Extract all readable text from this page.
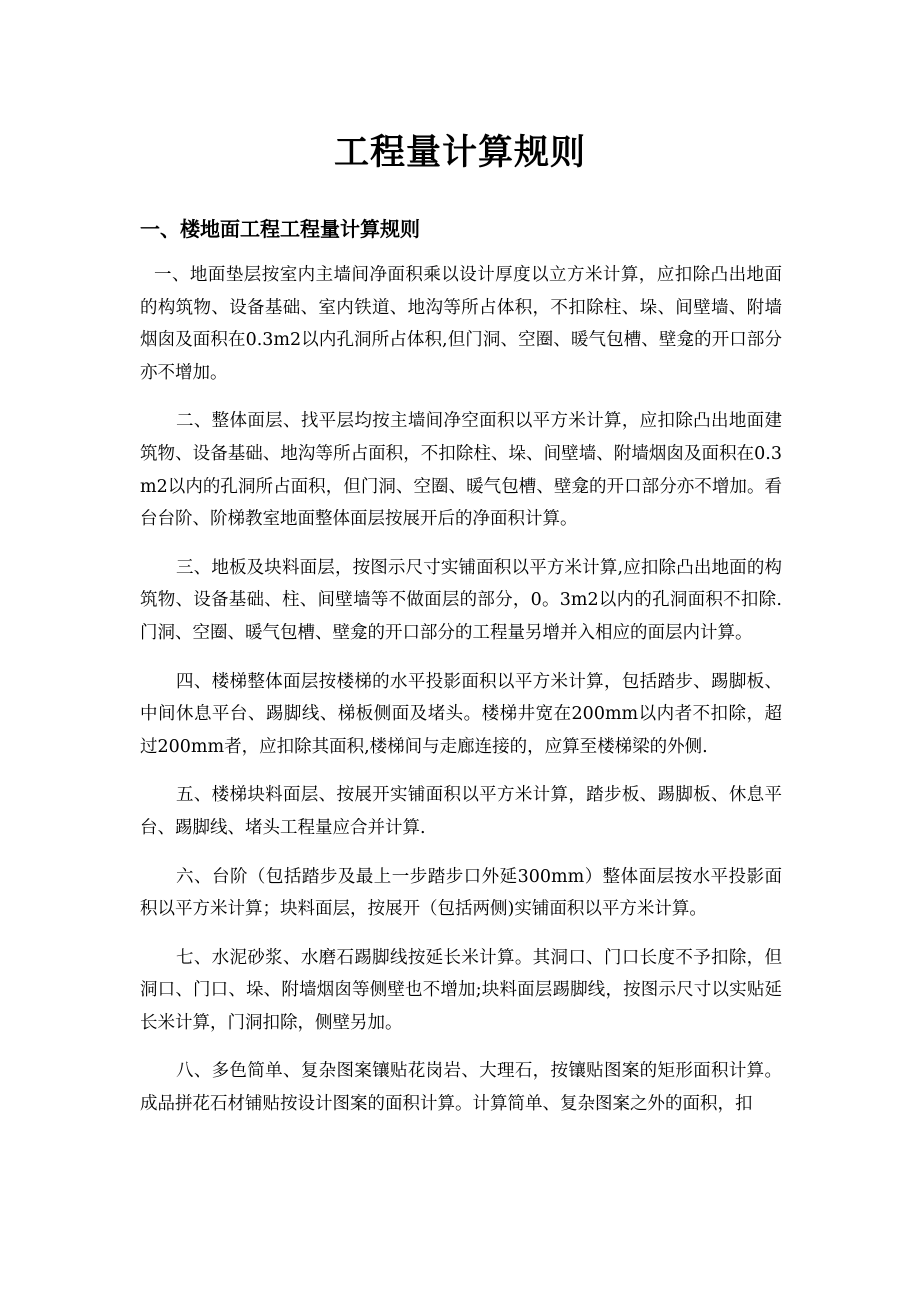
工程量计算规则
一、楼地面工程工程量计算规则

一、地面垫层按室内主墙间净面积乘以设计厚度以立方米计算，应扣除凸出地面的构筑物、设备基础、室内铁道、地沟等所占体积，不扣除柱、垛、间壁墙、附墙烟囱及面积在0.3m2以内孔洞所占体积,但门洞、空圈、暖气包槽、壁龛的开口部分亦不增加。

二、整体面层、找平层均按主墙间净空面积以平方米计算，应扣除凸出地面建筑物、设备基础、地沟等所占面积，不扣除柱、垛、间壁墙、附墙烟囱及面积在0.3m2以内的孔洞所占面积，但门洞、空圈、暖气包槽、壁龛的开口部分亦不增加。看台台阶、阶梯教室地面整体面层按展开后的净面积计算。

三、地板及块料面层，按图示尺寸实铺面积以平方米计算,应扣除凸出地面的构筑物、设备基础、柱、间壁墙等不做面层的部分，0。3m2以内的孔洞面积不扣除.门洞、空圈、暖气包槽、壁龛的开口部分的工程量另增并入相应的面层内计算。

四、楼梯整体面层按楼梯的水平投影面积以平方米计算，包括踏步、踢脚板、中间休息平台、踢脚线、梯板侧面及堵头。楼梯井宽在200mm以内者不扣除，超过200mm者，应扣除其面积,楼梯间与走廊连接的，应算至楼梯梁的外侧.

五、楼梯块料面层、按展开实铺面积以平方米计算，踏步板、踢脚板、休息平台、踢脚线、堵头工程量应合并计算.

六、台阶（包括踏步及最上一步踏步口外延300mm）整体面层按水平投影面积以平方米计算；块料面层，按展开（包括两侧)实铺面积以平方米计算。

七、水泥砂浆、水磨石踢脚线按延长米计算。其洞口、门口长度不予扣除，但洞口、门口、垛、附墙烟囱等侧壁也不增加;块料面层踢脚线，按图示尺寸以实贴延长米计算，门洞扣除，侧壁另加。

八、多色简单、复杂图案镶贴花岗岩、大理石，按镶贴图案的矩形面积计算。成品拼花石材铺贴按设计图案的面积计算。计算简单、复杂图案之外的面积，扣
